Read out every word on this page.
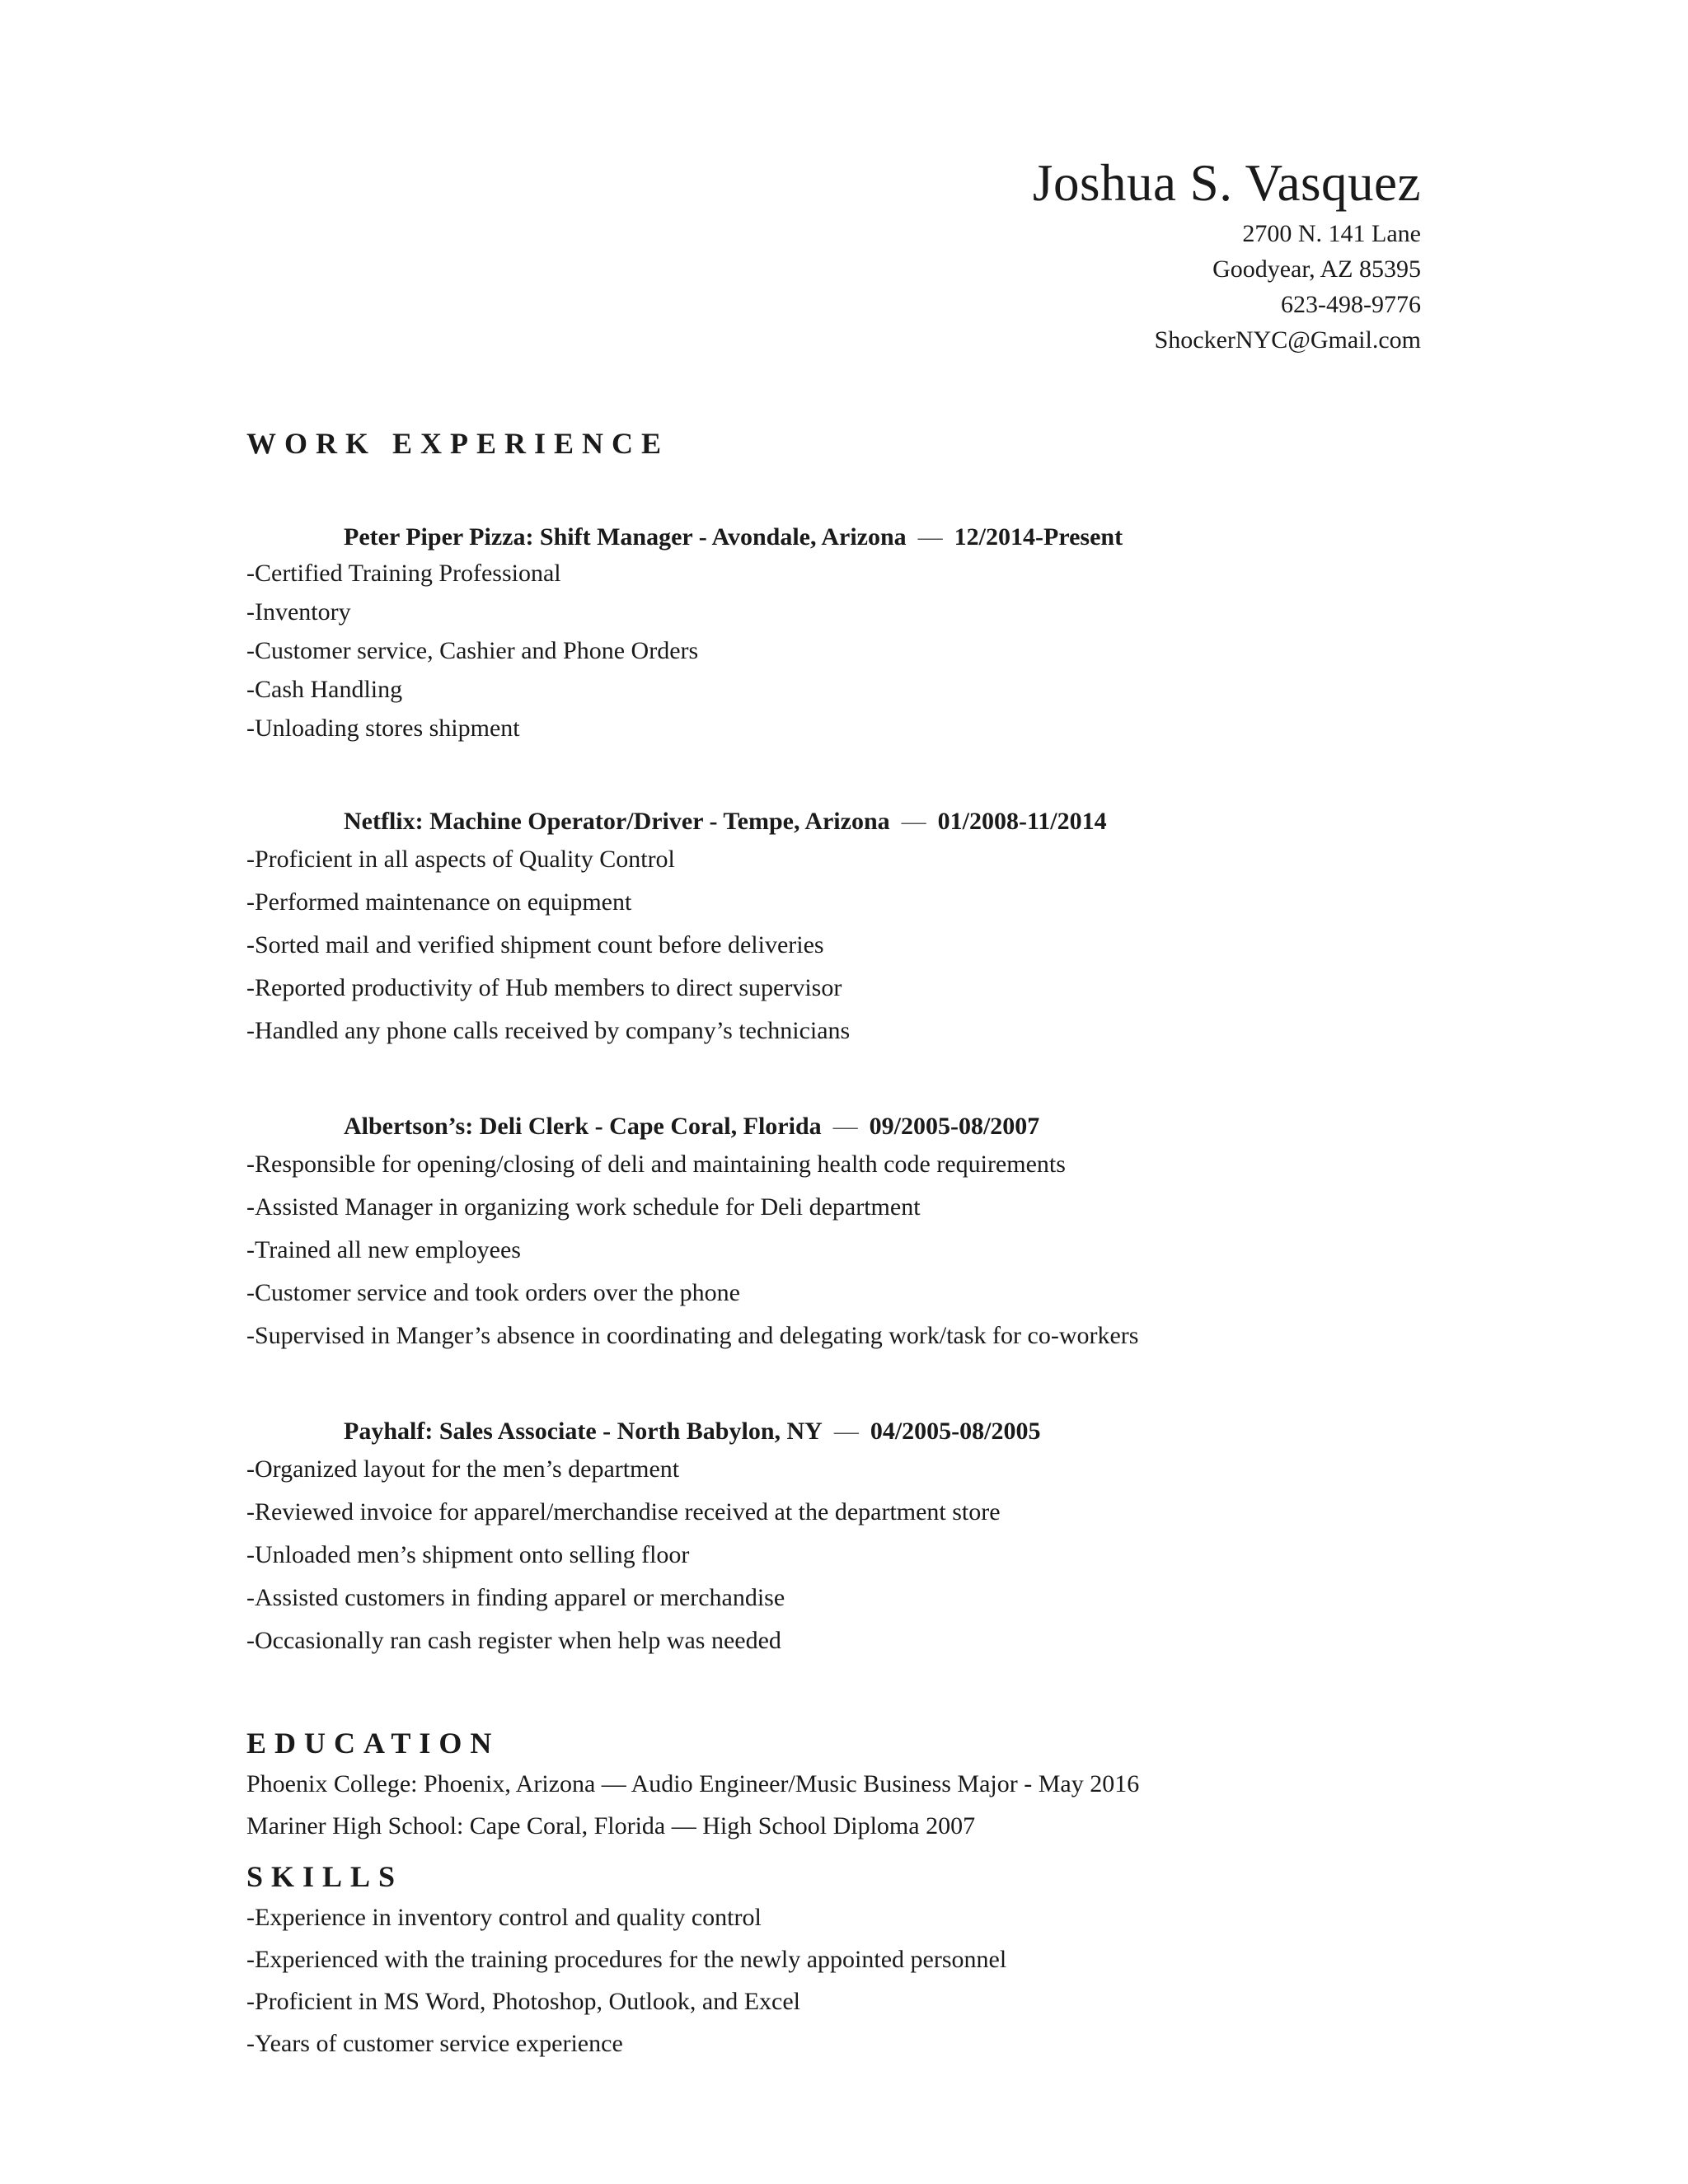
Joshua S. Vasquez
2700 N. 141 Lane
Goodyear, AZ 85395
623-498-9776
ShockerNYC@Gmail.com
WORK EXPERIENCE
Peter Piper Pizza: Shift Manager - Avondale, Arizona — 12/2014-Present
-Certified Training Professional
-Inventory
-Customer service, Cashier and Phone Orders
-Cash Handling
-Unloading stores shipment
Netflix: Machine Operator/Driver - Tempe, Arizona — 01/2008-11/2014
-Proficient in all aspects of Quality Control
-Performed maintenance on equipment
-Sorted mail and verified shipment count before deliveries
-Reported productivity of Hub members to direct supervisor
-Handled any phone calls received by company’s technicians
Albertson’s: Deli Clerk - Cape Coral, Florida — 09/2005-08/2007
-Responsible for opening/closing of deli and maintaining health code requirements
-Assisted Manager in organizing work schedule for Deli department
-Trained all new employees
-Customer service and took orders over the phone
-Supervised in Manger’s absence in coordinating and delegating work/task for co-workers
Payhalf: Sales Associate - North Babylon, NY — 04/2005-08/2005
-Organized layout for the men’s department
-Reviewed invoice for apparel/merchandise received at the department store
-Unloaded men’s shipment onto selling floor
-Assisted customers in finding apparel or merchandise
-Occasionally ran cash register when help was needed
EDUCATION
Phoenix College: Phoenix, Arizona — Audio Engineer/Music Business Major - May 2016
Mariner High School: Cape Coral, Florida — High School Diploma 2007
SKILLS
-Experience in inventory control and quality control
-Experienced with the training procedures for the newly appointed personnel
-Proficient in MS Word, Photoshop, Outlook, and Excel
-Years of customer service experience
